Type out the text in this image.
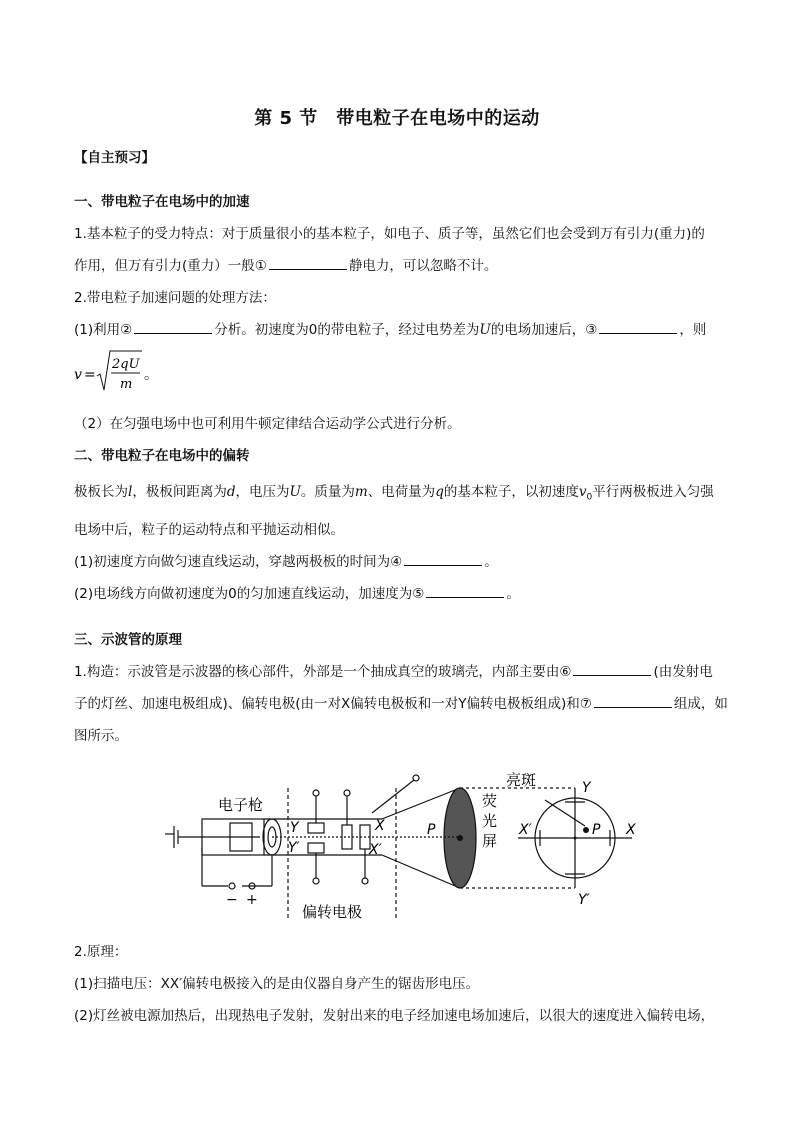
第 5 节　带电粒子在电场中的运动
【自主预习】
一、带电粒子在电场中的加速
1.基本粒子的受力特点：对于质量很小的基本粒子，如电子、质子等，虽然它们也会受到万有引力(重力)的
作用，但万有引力(重力）一般①	静电力，可以忽略不计。
2.带电粒子加速问题的处理方法：
(1)利用②	分析。初速度为0的带电粒子，经过电势差为U的电场加速后，③	，则
v =
2qU
m
。
（2）在匀强电场中也可利用牛顿定律结合运动学公式进行分析。
二、带电粒子在电场中的偏转
极板长为l，极板间距离为d，电压为U。质量为m、电荷量为q的基本粒子，以初速度$v_0$平行两极板进入匀强
电场中后，粒子的运动特点和平抛运动相似。
(1)初速度方向做匀速直线运动，穿越两极板的时间为④	。
(2)电场线方向做初速度为0的匀加速直线运动，加速度为⑤	。
三、示波管的原理
1.构造：示波管是示波器的核心部件，外部是一个抽成真空的玻璃壳，内部主要由⑥	(由发射电
子的灯丝、加速电极组成)、偏转电极(由一对X偏转电极板和一对Y偏转电极板组成)和⑦	组成，如
图所示。
电子枪
偏转电极
亮斑
荧
光
屏
Y
Y′
X
X′
P	X′	P X
Y
Y′
− +
2.原理：
(1)扫描电压：XX′偏转电极接入的是由仪器自身产生的锯齿形电压。
(2)灯丝被电源加热后，出现热电子发射，发射出来的电子经加速电场加速后，以很大的速度进入偏转电场，
